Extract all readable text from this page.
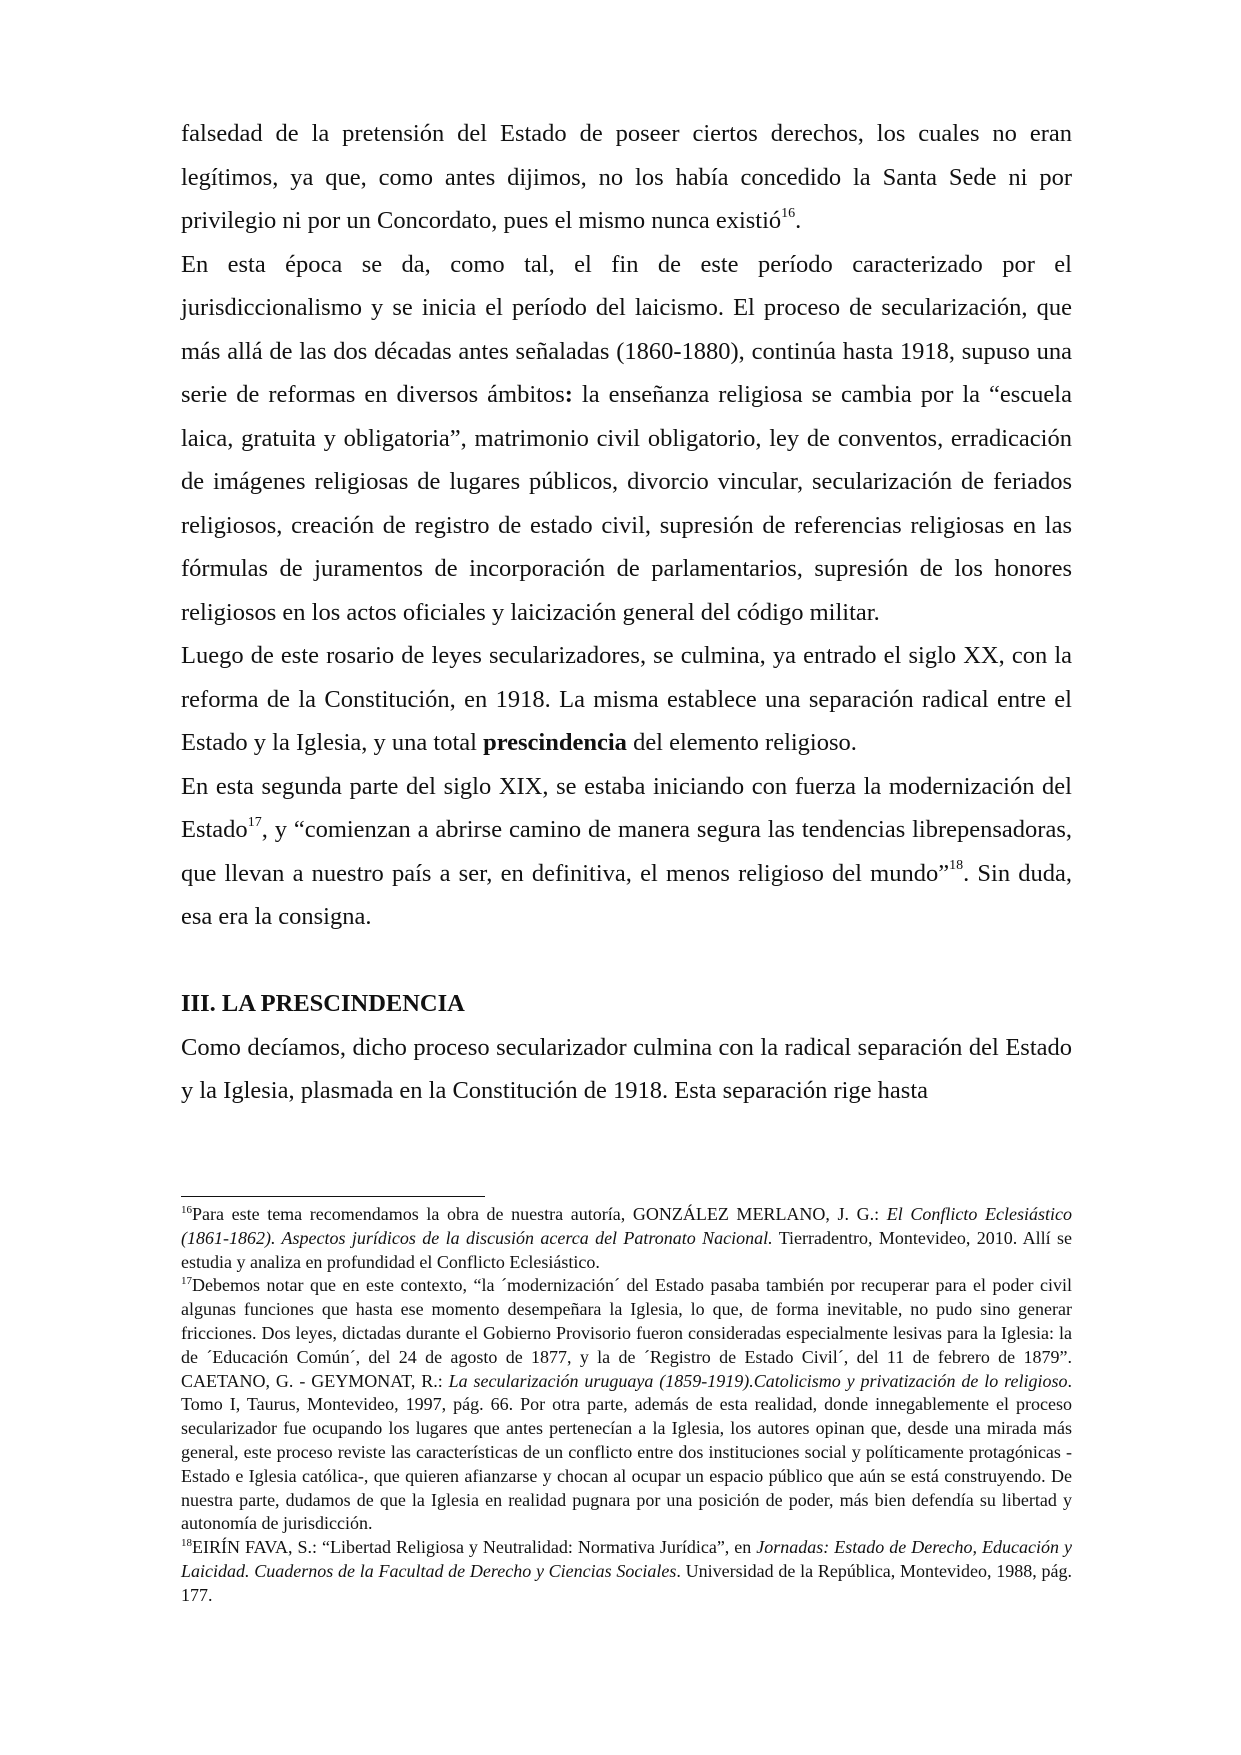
falsedad de la pretensión del Estado de poseer ciertos derechos, los cuales no eran legítimos, ya que, como antes dijimos, no los había concedido la Santa Sede ni por privilegio ni por un Concordato, pues el mismo nunca existió$^{16}$.

En esta época se da, como tal, el fin de este período caracterizado por el jurisdiccionalismo y se inicia el período del laicismo. El proceso de secularización, que más allá de las dos décadas antes señaladas (1860-1880), continúa hasta 1918, supuso una serie de reformas en diversos ámbitos: la enseñanza religiosa se cambia por la “escuela laica, gratuita y obligatoria”, matrimonio civil obligatorio, ley de conventos, erradicación de imágenes religiosas de lugares públicos, divorcio vincular, secularización de feriados religiosos, creación de registro de estado civil, supresión de referencias religiosas en las fórmulas de juramentos de incorporación de parlamentarios, supresión de los honores religiosos en los actos oficiales y laicización general del código militar.

Luego de este rosario de leyes secularizadores, se culmina, ya entrado el siglo XX, con la reforma de la Constitución, en 1918. La misma establece una separación radical entre el Estado y la Iglesia, y una total prescindencia del elemento religioso.

En esta segunda parte del siglo XIX, se estaba iniciando con fuerza la modernización del Estado$^{17}$, y “comienzan a abrirse camino de manera segura las tendencias librepensadoras, que llevan a nuestro país a ser, en definitiva, el menos religioso del mundo”$^{18}$. Sin duda, esa era la consigna.

III. LA PRESCINDENCIA

Como decíamos, dicho proceso secularizador culmina con la radical separación del Estado y la Iglesia, plasmada en la Constitución de 1918. Esta separación rige hasta

$^{16}$Para este tema recomendamos la obra de nuestra autoría, GONZÁLEZ MERLANO, J. G.: El Conflicto Eclesiástico (1861-1862). Aspectos jurídicos de la discusión acerca del Patronato Nacional. Tierradentro, Montevideo, 2010. Allí se estudia y analiza en profundidad el Conflicto Eclesiástico.

$^{17}$Debemos notar que en este contexto, “la ´modernización´ del Estado pasaba también por recuperar para el poder civil algunas funciones que hasta ese momento desempeñara la Iglesia, lo que, de forma inevitable, no pudo sino generar fricciones. Dos leyes, dictadas durante el Gobierno Provisorio fueron consideradas especialmente lesivas para la Iglesia: la de ´Educación Común´, del 24 de agosto de 1877, y la de ´Registro de Estado Civil´, del 11 de febrero de 1879”. CAETANO, G. - GEYMONAT, R.: La secularización uruguaya (1859-1919).Catolicismo y privatización de lo religioso. Tomo I, Taurus, Montevideo, 1997, pág. 66. Por otra parte, además de esta realidad, donde innegablemente el proceso secularizador fue ocupando los lugares que antes pertenecían a la Iglesia, los autores opinan que, desde una mirada más general, este proceso reviste las características de un conflicto entre dos instituciones social y políticamente protagónicas -Estado e Iglesia católica-, que quieren afianzarse y chocan al ocupar un espacio público que aún se está construyendo. De nuestra parte, dudamos de que la Iglesia en realidad pugnara por una posición de poder, más bien defendía su libertad y autonomía de jurisdicción.

$^{18}$EIRÍN FAVA, S.: “Libertad Religiosa y Neutralidad: Normativa Jurídica”, en Jornadas: Estado de Derecho, Educación y Laicidad. Cuadernos de la Facultad de Derecho y Ciencias Sociales. Universidad de la República, Montevideo, 1988, pág. 177.
